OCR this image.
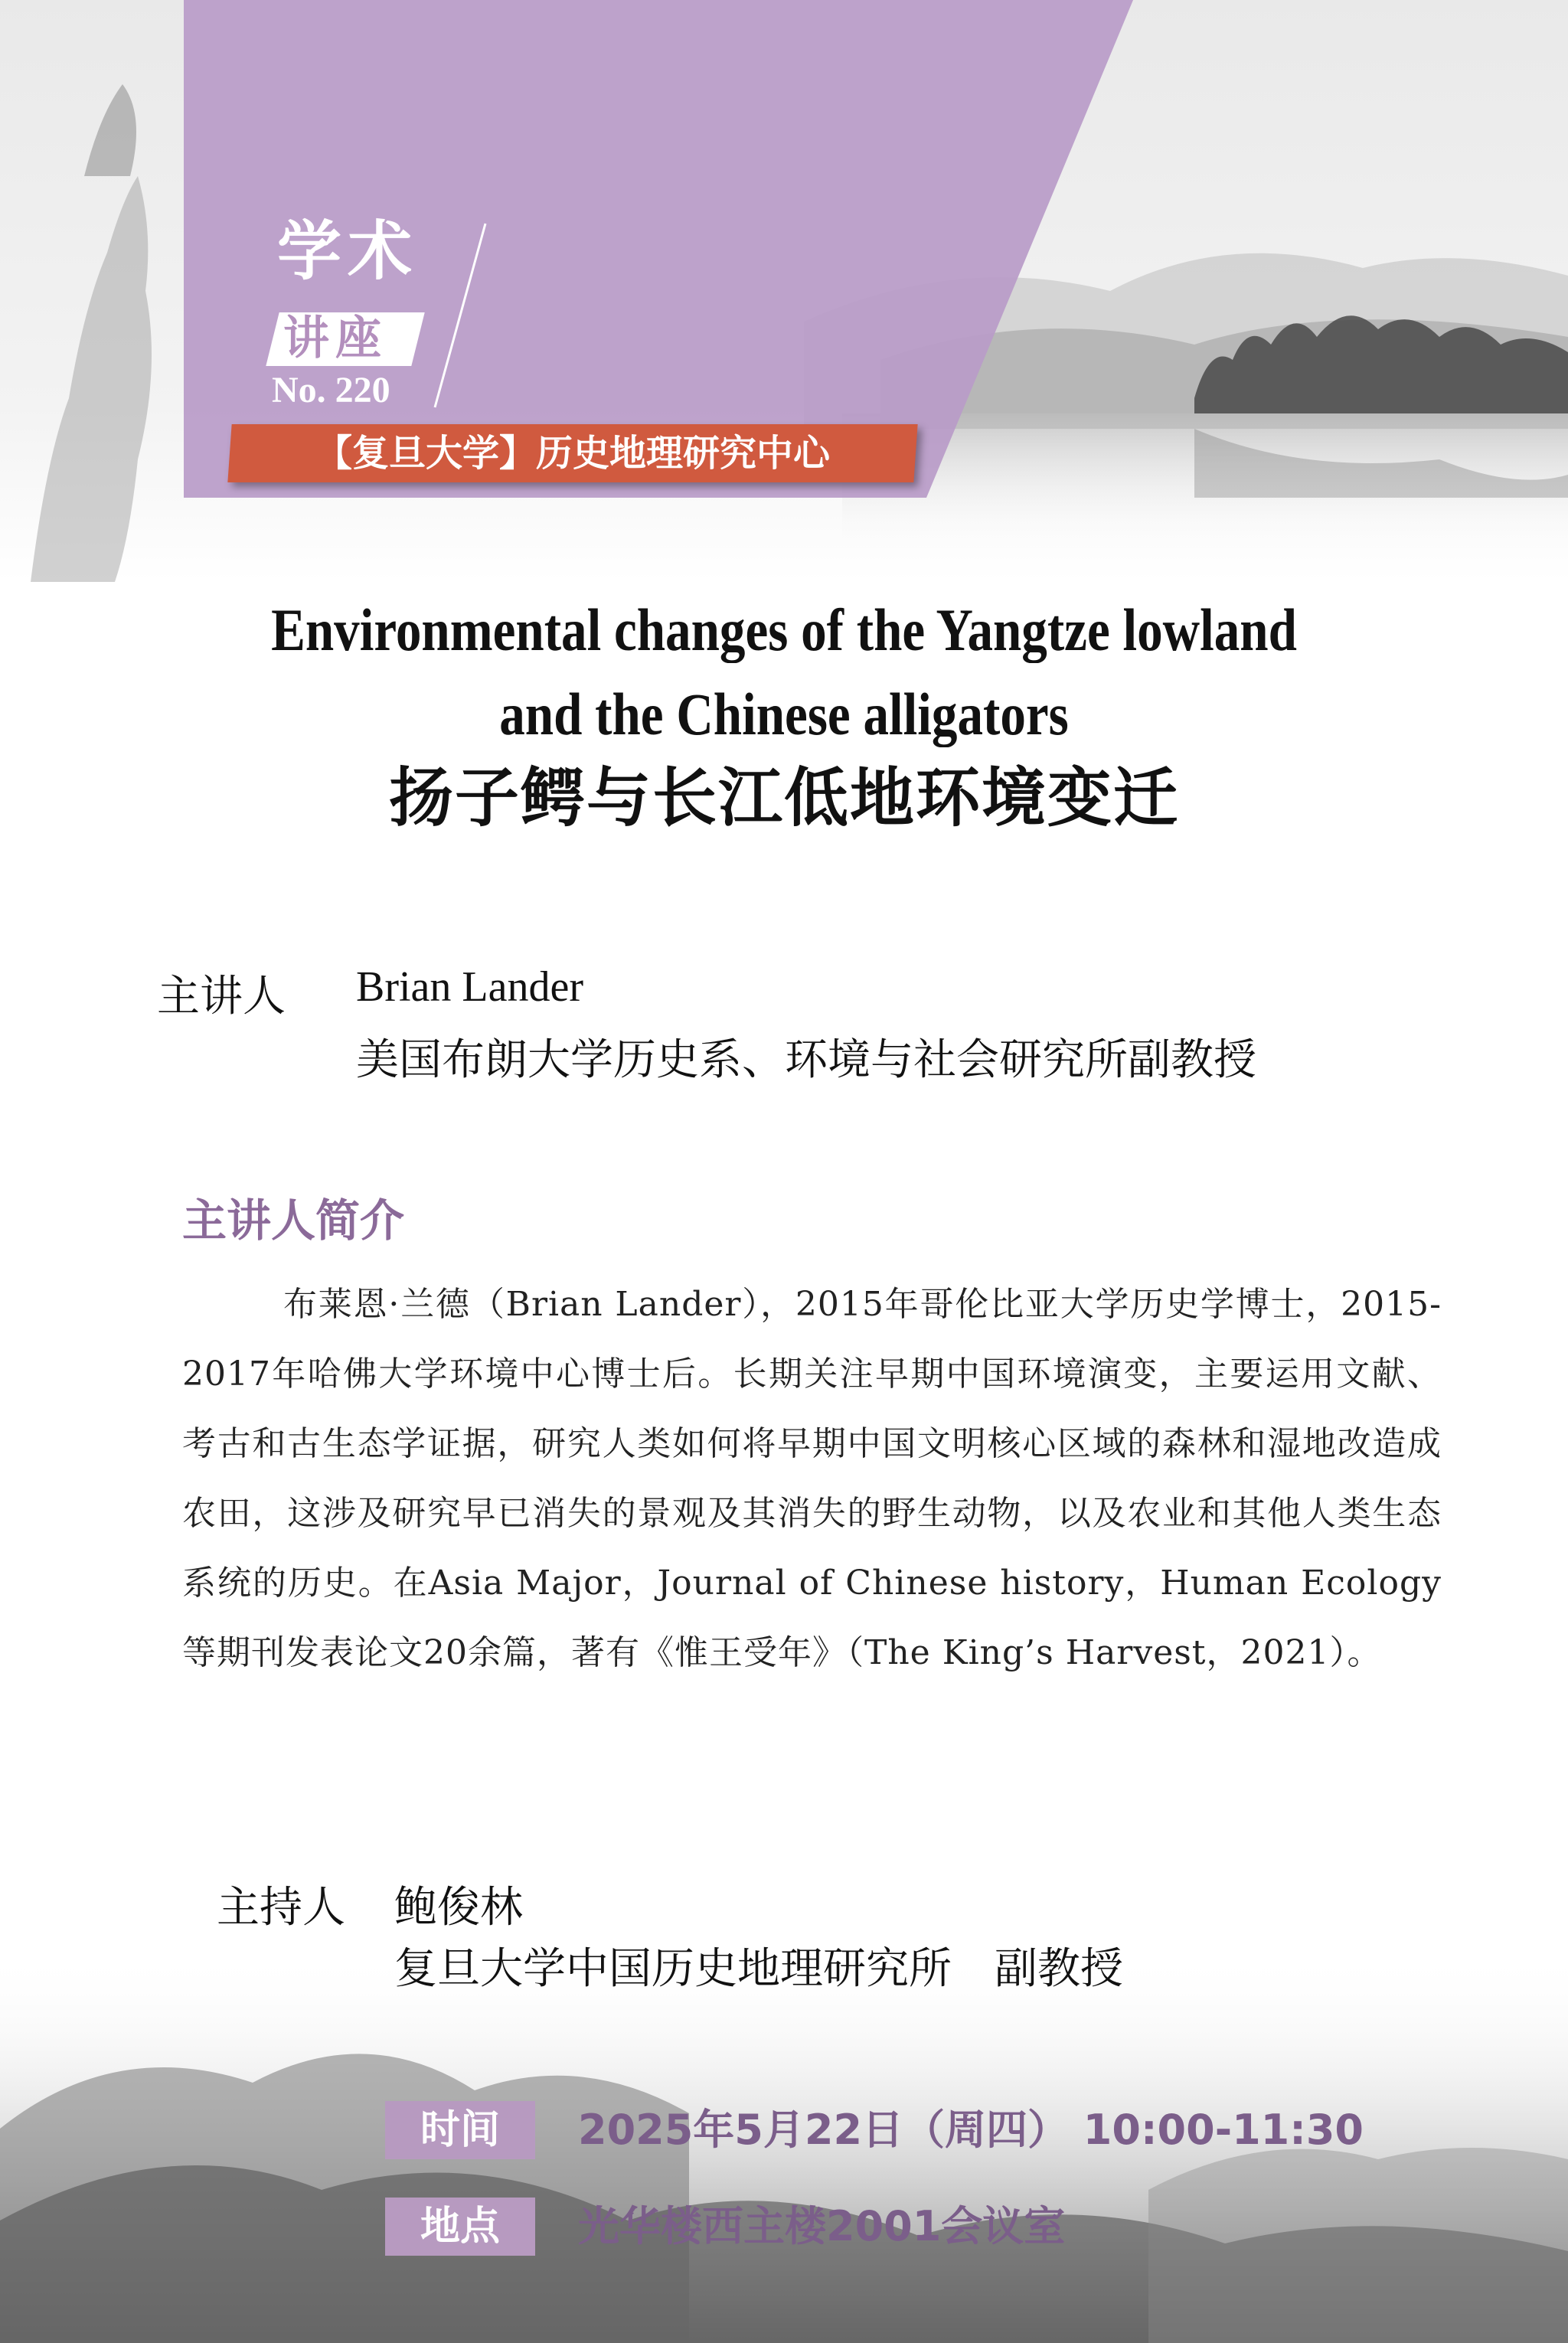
学术
讲座
No. 220
【复旦大学】历史地理研究中心
Environmental changes of the Yangtze lowland
and the Chinese alligators
扬子鳄与长江低地环境变迁
主讲人 Brian Lander
美国布朗大学历史系、环境与社会研究所副教授
主讲人简介
布莱恩·兰德（Brian Lander），2015年哥伦比亚大学历史学博士，2015-2017年哈佛大学环境中心博士后。长期关注早期中国环境演变，主要运用文献、考古和古生态学证据，研究人类如何将早期中国文明核心区域的森林和湿地改造成农田，这涉及研究早已消失的景观及其消失的野生动物，以及农业和其他人类生态系统的历史。在Asia Major，Journal of Chinese history，Human Ecology等期刊发表论文20余篇，著有《惟王受年》（The King’s Harvest，2021）。
主持人 鲍俊林
复旦大学中国历史地理研究所　副教授
时间	2025年5月22日（周四） 10:00-11:30
地点	光华楼西主楼2001会议室
